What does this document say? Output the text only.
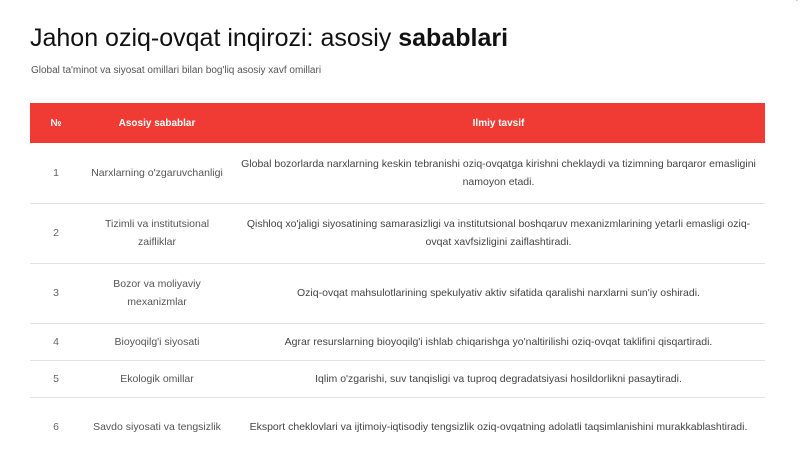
Jahon oziq-ovqat inqirozi: asosiy sabablari

Global ta'minot va siyosat omillari bilan bog'liq asosiy xavf omillari

№	Asosiy sabablar	Ilmiy tavsif
1	Narxlarning o'zgaruvchanligi	Global bozorlarda narxlarning keskin tebranishi oziq-ovqatga kirishni cheklaydi va tizimning barqaror emasligini namoyon etadi.
2	Tizimli va institutsional zaifliklar	Qishloq xo'jaligi siyosatining samarasizligi va institutsional boshqaruv mexanizmlarining yetarli emasligi oziq-ovqat xavfsizligini zaiflashtiradi.
3	Bozor va moliyaviy mexanizmlar	Oziq-ovqat mahsulotlarining spekulyativ aktiv sifatida qaralishi narxlarni sun'iy oshiradi.
4	Bioyoqilg'i siyosati	Agrar resurslarning bioyoqilg'i ishlab chiqarishga yo'naltirilishi oziq-ovqat taklifini qisqartiradi.
5	Ekologik omillar	Iqlim o'zgarishi, suv tanqisligi va tuproq degradatsiyasi hosildorlikni pasaytiradi.
6	Savdo siyosati va tengsizlik	Eksport cheklovlari va ijtimoiy-iqtisodiy tengsizlik oziq-ovqatning adolatli taqsimlanishini murakkablashtiradi.
